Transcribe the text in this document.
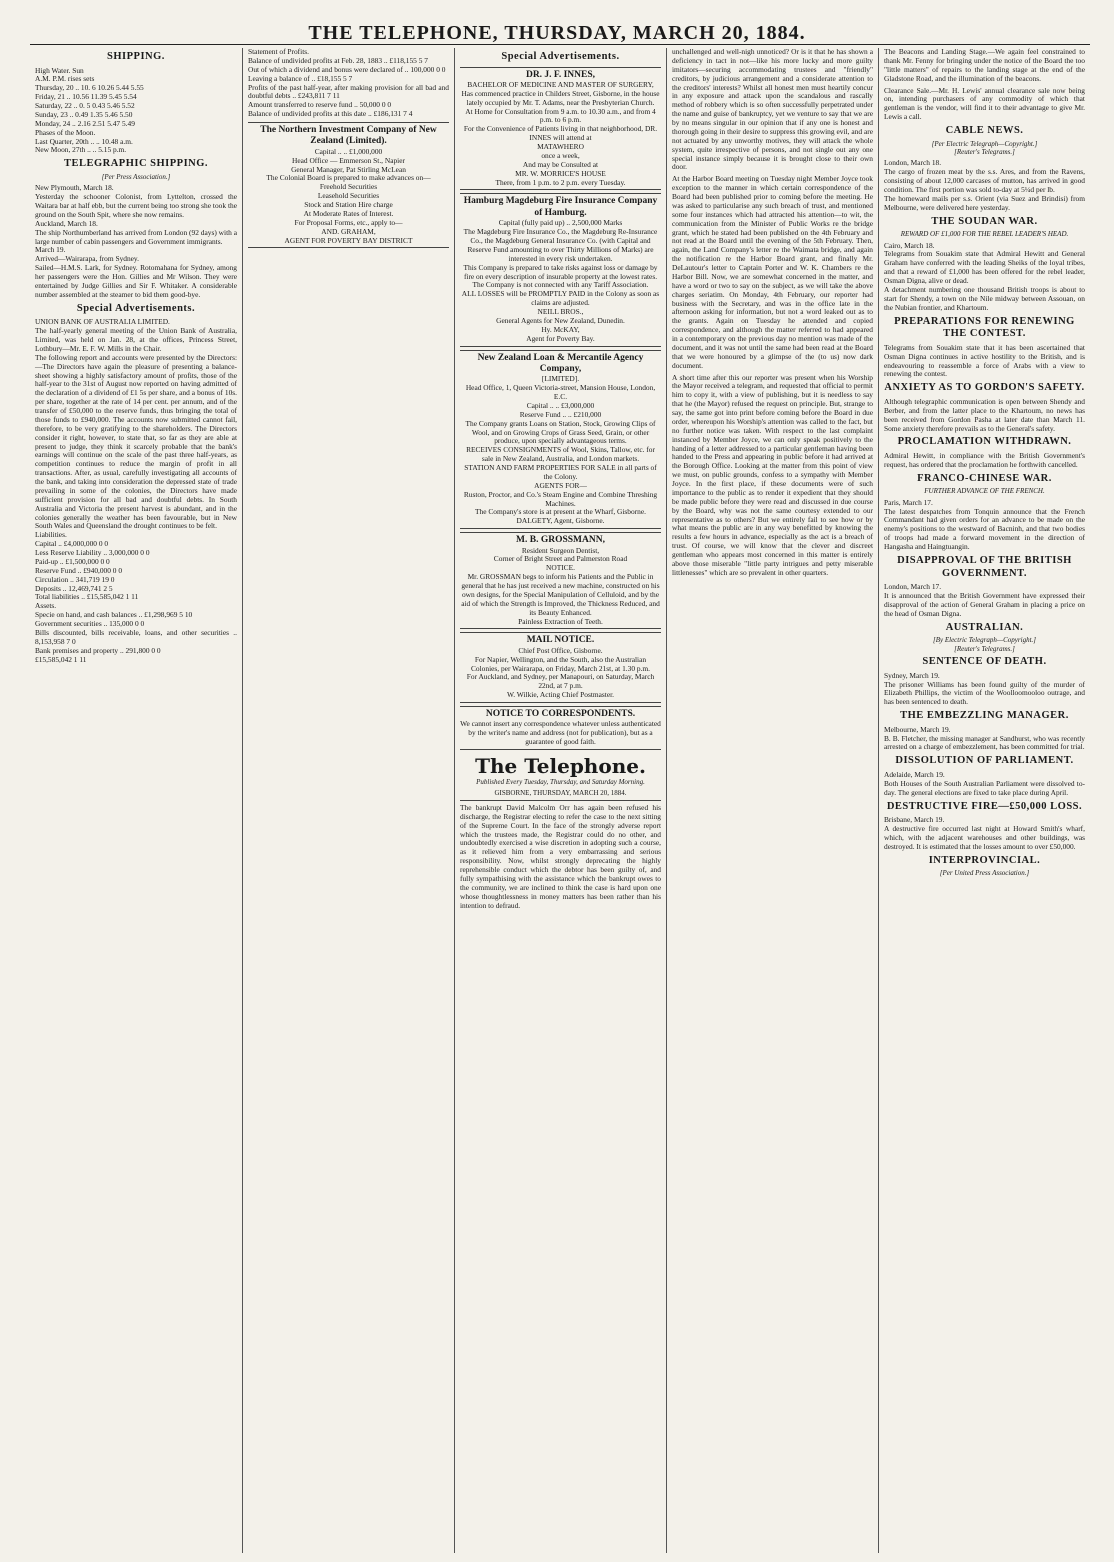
THE TELEPHONE, THURSDAY, MARCH 20, 1884.
SHIPPING.
High Water. Sun
A.M. P.M. rises sets
Thursday, 20 .. 10. 6 10.26 5.44 5.55
Friday, 21 .. 10.56 11.39 5.45 5.54
Saturday, 22 .. 0. 5 0.43 5.46 5.52
Sunday, 23 .. 0.49 1.35 5.46 5.50
Monday, 24 .. 2.16 2.51 5.47 5.49
Phases of the Moon.
Last Quarter, 20th .. .. 10.48 a.m.
New Moon, 27th .. .. 5.15 p.m.
TELEGRAPHIC SHIPPING.
[Per Press Association.]
New Plymouth, March 18.
Yesterday the schooner Colonist, from Lyttelton, crossed the Waitara bar at half ebb, but the current being too strong she took the ground on the South Spit, where she now remains.
Auckland, March 18.
The ship Northumberland has arrived from London (92 days) with a large number of cabin passengers and Government immigrants.
March 19.
Arrived—Wairarapa, from Sydney.
Sailed—H.M.S. Lark, for Sydney. Rotomahana for Sydney, among her passengers were the Hon. Gillies and Mr Wilson. They were entertained by Judge Gillies and Sir F. Whitaker. A considerable number assembled at the steamer to bid them good-bye.
Special Advertisements.
UNION BANK OF AUSTRALIA LIMITED.
The half-yearly general meeting of the Union Bank of Australia, Limited, was held on Jan. 28, at the offices, Princess Street, Lothbury—Mr. E. F. W. Mills in the Chair.
The following report and accounts were presented by the Directors:—The Directors have again the pleasure of presenting a balance-sheet showing a highly satisfactory amount of profits, those of the half-year to the 31st of August now reported on having admitted of the declaration of a dividend of £1 5s per share, and a bonus of 10s. per share, together at the rate of 14 per cent. per annum, and of the transfer of £50,000 to the reserve funds, thus bringing the total of those funds to £940,000. The accounts now submitted cannot fail, therefore, to be very gratifying to the shareholders. The Directors consider it right, however, to state that, so far as they are able at present to judge, they think it scarcely probable that the bank's earnings will continue on the scale of the past three half-years, as competition continues to reduce the margin of profit in all transactions. After, as usual, carefully investigating all accounts of the bank, and taking into consideration the depressed state of trade prevailing in some of the colonies, the Directors have made sufficient provision for all bad and doubtful debts. In South Australia and Victoria the present harvest is abundant, and in the colonies generally the weather has been favourable, but in New South Wales and Queensland the drought continues to be felt.
Liabilities.
Capital .. £4,000,000 0 0
Less Reserve Liability .. 3,000,000 0 0
Paid-up .. £1,500,000 0 0
Reserve Fund .. £940,000 0 0
Circulation .. 341,719 19 0
Deposits .. 12,469,741 2 5
Total liabilities .. £15,585,042 1 11
Assets.
Specie on hand, and cash balances .. £1,298,969 5 10
Government securities .. 135,000 0 0
Bills discounted, bills receivable, loans, and other securities .. 8,153,958 7 0
Bank premises and property .. 291,800 0 0
£15,585,042 1 11
Statement of Profits.
Balance of undivided profits at Feb. 28, 1883 .. £118,155 5 7
Out of which a dividend and bonus were declared of .. 100,000 0 0
Leaving a balance of .. £18,155 5 7
Profits of the past half-year, after making provision for all bad and doubtful debts .. £243,811 7 11
Amount transferred to reserve fund .. 50,000 0 0
Balance of undivided profits at this date .. £186,131 7 4
The Northern Investment Company of New Zealand (Limited).
Capital .. .. £1,000,000
Head Office — Emmerson St., Napier
General Manager, Pat Stirling McLean
The Colonial Board is prepared to make advances on—
Freehold Securities
Leasehold Securities
Stock and Station Hire charge
At Moderate Rates of Interest.
For Proposal Forms, etc., apply to—
AND. GRAHAM,
AGENT FOR POVERTY BAY DISTRICT
Special Advertisements.
DR. J. F. INNES,
BACHELOR OF MEDICINE AND MASTER OF SURGERY,
Has commenced practice in Childers Street, Gisborne, in the house lately occupied by Mr. T. Adams, near the Presbyterian Church.
At Home for Consultation from 9 a.m. to 10.30 a.m., and from 4 p.m. to 6 p.m.
For the Convenience of Patients living in that neighborhood, DR. INNES will attend at
MATAWHERO
once a week,
And may be Consulted at
MR. W. MORRICE'S HOUSE
There, from 1 p.m. to 2 p.m. every Tuesday.
Hamburg Magdeburg Fire Insurance Company of Hamburg.
Capital (fully paid up) .. 2,500,000 Marks
The Magdeburg Fire Insurance Co., the Magdeburg Re-Insurance Co., the Magdeburg General Insurance Co. (with Capital and Reserve Fund amounting to over Thirty Millions of Marks) are interested in every risk undertaken.
This Company is prepared to take risks against loss or damage by fire on every description of insurable property at the lowest rates.
The Company is not connected with any Tariff Association.
ALL LOSSES will be PROMPTLY PAID in the Colony as soon as claims are adjusted.
NEILL BROS.,
General Agents for New Zealand, Dunedin.
Hy. McKAY,
Agent for Poverty Bay.
New Zealand Loan & Mercantile Agency Company,
[LIMITED].
Head Office, 1, Queen Victoria-street, Mansion House, London, E.C.
Capital .. .. £3,000,000
Reserve Fund .. .. £210,000
The Company grants Loans on Station, Stock, Growing Clips of Wool, and on Growing Crops of Grass Seed, Grain, or other produce, upon specially advantageous terms.
RECEIVES CONSIGNMENTS of Wool, Skins, Tallow, etc. for sale in New Zealand, Australia, and London markets.
STATION AND FARM PROPERTIES FOR SALE in all parts of the Colony.
AGENTS FOR—
Ruston, Proctor, and Co.'s Steam Engine and Combine Threshing Machines.
The Company's store is at present at the Wharf, Gisborne.
DALGETY, Agent, Gisborne.
M. B. GROSSMANN,
Resident Surgeon Dentist,
Corner of Bright Street and Palmerston Road
NOTICE.
Mr. GROSSMAN begs to inform his Patients and the Public in general that he has just received a new machine, constructed on his own designs, for the Special Manipulation of Celluloid, and by the aid of which the Strength is Improved, the Thickness Reduced, and its Beauty Enhanced.
Painless Extraction of Teeth.
MAIL NOTICE.
Chief Post Office, Gisborne.
For Napier, Wellington, and the South, also the Australian Colonies, per Wairarapa, on Friday, March 21st, at 1.30 p.m.
For Auckland, and Sydney, per Manapouri, on Saturday, March 22nd, at 7 p.m.
W. Wilkie, Acting Chief Postmaster.
NOTICE TO CORRESPONDENTS.
We cannot insert any correspondence whatever unless authenticated by the writer's name and address (not for publication), but as a guarantee of good faith.
The Telephone.
Published Every Tuesday, Thursday, and Saturday Morning.
GISBORNE, THURSDAY, MARCH 20, 1884.
The bankrupt David Malcolm Orr has again been refused his discharge, the Registrar electing to refer the case to the next sitting of the Supreme Court. In the face of the strongly adverse report which the trustees made, the Registrar could do no other, and undoubtedly exercised a wise discretion in adopting such a course, as it relieved him from a very embarrassing and serious responsibility. Now, whilst strongly deprecating the highly reprehensible conduct which the debtor has been guilty of, and fully sympathising with the assistance which the bankrupt owes to the community, we are inclined to think the case is hard upon one whose thoughtlessness in money matters has been rather than his intention to defraud.
unchallenged and well-nigh unnoticed? Or is it that he has shown a deficiency in tact in not—like his more lucky and more guilty imitators—securing accommodating trustees and "friendly" creditors, by judicious arrangement and a considerate attention to the creditors' interests? Whilst all honest men must heartily concur in any exposure and attack upon the scandalous and rascally method of robbery which is so often successfully perpetrated under the name and guise of bankruptcy, yet we venture to say that we are by no means singular in our opinion that if any one is honest and thorough going in their desire to suppress this growing evil, and are not actuated by any unworthy motives, they will attack the whole system, quite irrespective of persons, and not single out any one special instance simply because it is brought close to their own door.
At the Harbor Board meeting on Tuesday night Member Joyce took exception to the manner in which certain correspondence of the Board had been published prior to coming before the meeting. He was asked to particularise any such breach of trust, and mentioned some four instances which had attracted his attention—to wit, the communication from the Minister of Public Works re the bridge grant, which he stated had been published on the 4th February and not read at the Board until the evening of the 5th February. Then, again, the Land Company's letter re the Waimata bridge, and again the notification re the Harbor Board grant, and finally Mr. DeLautour's letter to Captain Porter and W. K. Chambers re the Harbor Bill. Now, we are somewhat concerned in the matter, and have a word or two to say on the subject, as we will take the above charges seriatim. On Monday, 4th February, our reporter had business with the Secretary, and was in the office late in the afternoon asking for information, but not a word leaked out as to the grants. Again on Tuesday he attended and copied correspondence, and although the matter referred to had appeared in a contemporary on the previous day no mention was made of the document, and it was not until the same had been read at the Board that we were honoured by a glimpse of the (to us) now dark document.
A short time after this our reporter was present when his Worship the Mayor received a telegram, and requested that official to permit him to copy it, with a view of publishing, but it is needless to say that he (the Mayor) refused the request on principle. But, strange to say, the same got into print before coming before the Board in due order, whereupon his Worship's attention was called to the fact, but no further notice was taken. With respect to the last complaint instanced by Member Joyce, we can only speak positively to the handing of a letter addressed to a particular gentleman having been handed to the Press and appearing in public before it had arrived at the Borough Office. Looking at the matter from this point of view we must, on public grounds, confess to a sympathy with Member Joyce. In the first place, if these documents were of such importance to the public as to render it expedient that they should be made public before they were read and discussed in due course by the Board, why was not the same courtesy extended to our representative as to others? But we entirely fail to see how or by what means the public are in any way benefitted by knowing the results a few hours in advance, especially as the act is a breach of trust. Of course, we will know that the clever and discreet gentleman who appears most concerned in this matter is entirely above those miserable "little party intrigues and petty miserable littlenesses" which are so prevalent in other quarters.
The Beacons and Landing Stage.—We again feel constrained to thank Mr. Fenny for bringing under the notice of the Board the too "little matters" of repairs to the landing stage at the end of the Gladstone Road, and the illumination of the beacons.
Clearance Sale.—Mr. H. Lewis' annual clearance sale now being on, intending purchasers of any commodity of which that gentleman is the vendor, will find it to their advantage to give Mr. Lewis a call.
CABLE NEWS.
[Per Electric Telegraph—Copyright.]
[Reuter's Telegrams.]
London, March 18.
The cargo of frozen meat by the s.s. Ares, and from the Ravens, consisting of about 12,000 carcases of mutton, has arrived in good condition. The first portion was sold to-day at 5¼d per lb.
The homeward mails per s.s. Orient (via Suez and Brindisi) from Melbourne, were delivered here yesterday.
THE SOUDAN WAR.
REWARD OF £1,000 FOR THE REBEL LEADER'S HEAD.
Cairo, March 18.
Telegrams from Souakim state that Admiral Hewitt and General Graham have conferred with the leading Sheiks of the loyal tribes, and that a reward of £1,000 has been offered for the rebel leader, Osman Digna, alive or dead.
A detachment numbering one thousand British troops is about to start for Shendy, a town on the Nile midway between Assouan, on the Nubian frontier, and Khartoum.
PREPARATIONS FOR RENEWING THE CONTEST.
Telegrams from Souakim state that it has been ascertained that Osman Digna continues in active hostility to the British, and is endeavouring to reassemble a force of Arabs with a view to renewing the contest.
ANXIETY AS TO GORDON'S SAFETY.
Although telegraphic communication is open between Shendy and Berber, and from the latter place to the Khartoum, no news has been received from Gordon Pasha at later date than March 11. Some anxiety therefore prevails as to the General's safety.
PROCLAMATION WITHDRAWN.
Admiral Hewitt, in compliance with the British Government's request, has ordered that the proclamation he forthwith cancelled.
FRANCO-CHINESE WAR.
FURTHER ADVANCE OF THE FRENCH.
Paris, March 17.
The latest despatches from Tonquin announce that the French Commandant had given orders for an advance to be made on the enemy's positions to the westward of Bacninh, and that two bodies of troops had made a forward movement in the direction of Hangasha and Haingtuangin.
DISAPPROVAL OF THE BRITISH GOVERNMENT.
London, March 17.
It is announced that the British Government have expressed their disapproval of the action of General Graham in placing a price on the head of Osman Digna.
AUSTRALIAN.
[By Electric Telegraph—Copyright.]
[Reuter's Telegrams.]
SENTENCE OF DEATH.
Sydney, March 19.
The prisoner Williams has been found guilty of the murder of Elizabeth Phillips, the victim of the Woolloomooloo outrage, and has been sentenced to death.
THE EMBEZZLING MANAGER.
Melbourne, March 19.
B. B. Fletcher, the missing manager at Sandhurst, who was recently arrested on a charge of embezzlement, has been committed for trial.
DISSOLUTION OF PARLIAMENT.
Adelaide, March 19.
Both Houses of the South Australian Parliament were dissolved to-day. The general elections are fixed to take place during April.
DESTRUCTIVE FIRE—£50,000 LOSS.
Brisbane, March 19.
A destructive fire occurred last night at Howard Smith's wharf, which, with the adjacent warehouses and other buildings, was destroyed. It is estimated that the losses amount to over £50,000.
INTERPROVINCIAL.
[Per United Press Association.]
